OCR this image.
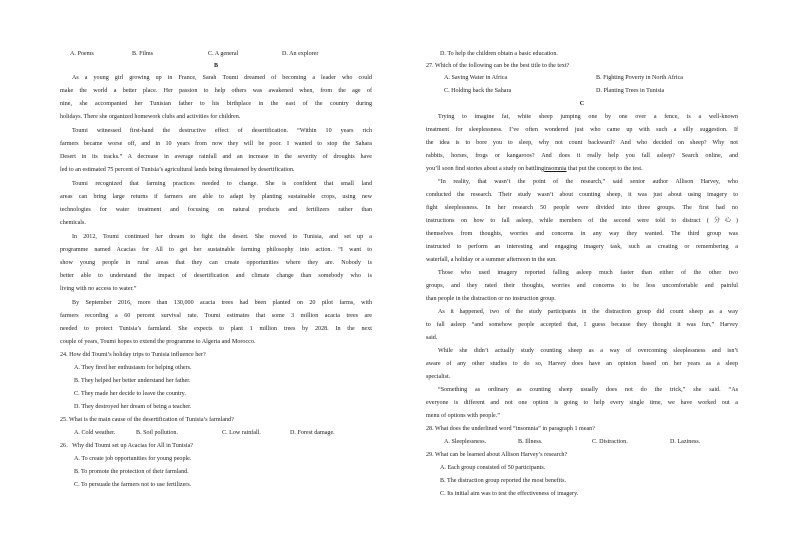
A. Poems	B. Films	C. A general	D. An explorer
B
As a young girl growing up in France, Sarah Toumi dreamed of becoming a leader who could
make the world a better place. Her passion to help others was awakened when, from the age of
nine, she accompanied her Tunisian father to his birthplace in the east of the country during
holidays. There she organized homework clubs and activities for children.
Toumi witnessed first-hand the destructive effect of desertification. “Within 10 years rich
farmers became worse off, and in 10 years from now they will be poor. I wanted to stop the Sahara
Desert in its tracks.” A decrease in average rainfall and an increase in the severity of droughts have
led to an estimated 75 percent of Tunisia’s agricultural lands being threatened by desertification.
Toumi recognized that farming practices needed to change. She is confident that small land
areas can bring large returns if farmers are able to adapt by planting sustainable crops, using new
technologies for water treatment and focusing on natural products and fertilizers rather than
chemicals.
In 2012, Toumi continued her dream to fight the desert. She moved to Tunisia, and set up a
programme named Acacias for All to get her sustainable farming philosophy into action. “I want to
show young people in rural areas that they can create opportunities where they are. Nobody is
better able to understand the impact of desertification and climate change than somebody who is
living with no access to water.”
By September 2016, more than 130,000 acacia trees had been planted on 20 pilot farms, with
farmers recording a 60 percent survival rate. Toumi estimates that some 3 million acacia trees are
needed to protect Tunisia’s farmland. She expects to plant 1 million trees by 2028. In the next
couple of years, Toumi hopes to extend the programme to Algeria and Morocco.
24. How did Toumi’s holiday trips to Tunisia influence her?
A. They fired her enthusiasm for helping others.
B. They helped her better understand her father.
C. They made her decide to leave the country.
D. They destroyed her dream of being a teacher.
25. What is the main cause of the desertification of Tunisia’s farmland?
A. Cold weather.	B. Soil pollution.	C. Low rainfall.	D. Forest damage.
26．Why did Toumi set up Acacias for All in Tunisia?
A. To create job opportunities for young people.
B. To promote the protection of their farmland.
C. To persuade the farmers not to use fertilizers.
D. To help the children obtain a basic education.
27. Which of the following can be the best title to the text?
A. Saving Water in Africa	B. Fighting Poverty in North Africa
C. Holding back the Sahara	D. Planting Trees in Tunisia
C
Trying to imagine fat, white sheep jumping one by one over a fence, is a well-known
treatment for sleeplessness. I’ve often wondered just who came up with such a silly suggestion. If
the idea is to bore you to sleep, why not count backward? And who decided on sheep? Why not
rabbits, horses, frogs or kangaroos? And does it really help you fall asleep? Search online, and
you’ll soon find stories about a study on battlinginsomnia that put the concept to the test.
“In reality, that wasn’t the point of the research,” said senior author Allison Harvey, who
conducted the research. Their study wasn’t about counting sheep, it was just about using imagery to
fight sleeplessness. In her research 50 people were divided into three groups. The first had no
instructions on how to fall asleep, while members of the second were told to distract (分心)
themselves from thoughts, worries and concerns in any way they wanted. The third group was
instructed to perform an interesting and engaging imagery task, such as creating or remembering a
waterfall, a holiday or a summer afternoon in the sun.
Those who used imagery reported falling asleep much faster than either of the other two
groups, and they rated their thoughts, worries and concerns to be less uncomfortable and painful
than people in the distraction or no instruction group.
As it happened, two of the study participants in the distraction group did count sheep as a way
to fall asleep “and somehow people accepted that, I guess because they thought it was fun,” Harvey
said.
While she didn’t actually study counting sheep as a way of overcoming sleeplessness and isn’t
aware of any other studies to do so, Harvey does have an opinion based on her years as a sleep
specialist.
“Something as ordinary as counting sheep usually does not do the trick,” she said. “As
everyone is different and not one option is going to help every single time, we have worked out a
menu of options with people.”
28. What does the underlined word “insomnia” in paragraph 1 mean?
A. Sleeplessness.	B. Illness.	C. Distraction.	D. Laziness.
29. What can be learned about Allison Harvey’s research?
A. Each group consisted of 50 participants.
B. The distraction group reported the most benefits.
C. Its initial aim was to test the effectiveness of imagery.
